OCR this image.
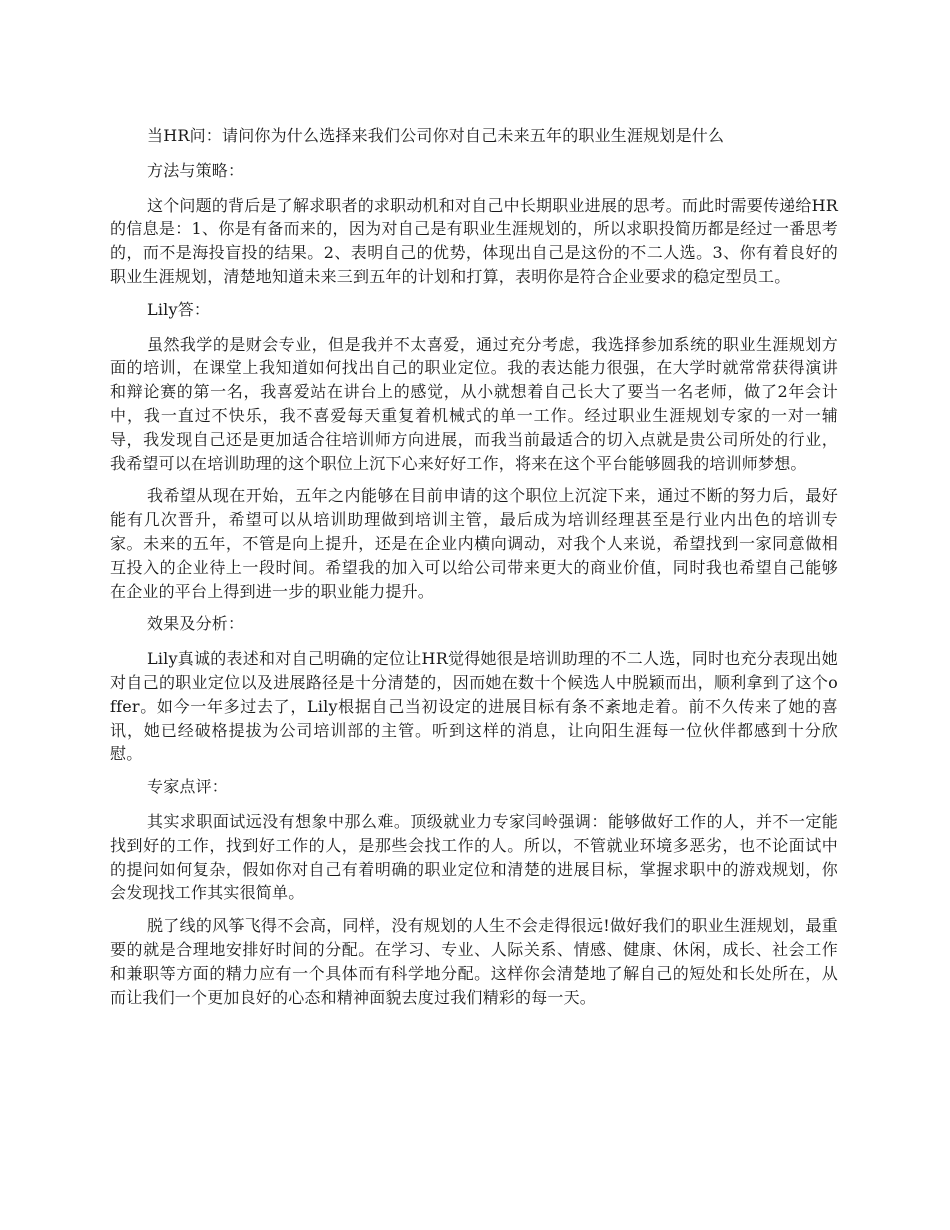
当HR问：请问你为什么选择来我们公司你对自己未来五年的职业生涯规划是什么

方法与策略：

这个问题的背后是了解求职者的求职动机和对自己中长期职业进展的思考。而此时需要传递给HR的信息是：1、你是有备而来的，因为对自己是有职业生涯规划的，所以求职投简历都是经过一番思考的，而不是海投盲投的结果。2、表明自己的优势，体现出自己是这份的不二人选。3、你有着良好的职业生涯规划，清楚地知道未来三到五年的计划和打算，表明你是符合企业要求的稳定型员工。

Lily答：

虽然我学的是财会专业，但是我并不太喜爱，通过充分考虑，我选择参加系统的职业生涯规划方面的培训，在课堂上我知道如何找出自己的职业定位。我的表达能力很强，在大学时就常常获得演讲和辩论赛的第一名，我喜爱站在讲台上的感觉，从小就想着自己长大了要当一名老师，做了2年会计中，我一直过不快乐，我不喜爱每天重复着机械式的单一工作。经过职业生涯规划专家的一对一辅导，我发现自己还是更加适合往培训师方向进展，而我当前最适合的切入点就是贵公司所处的行业，我希望可以在培训助理的这个职位上沉下心来好好工作，将来在这个平台能够圆我的培训师梦想。

我希望从现在开始，五年之内能够在目前申请的这个职位上沉淀下来，通过不断的努力后，最好能有几次晋升，希望可以从培训助理做到培训主管，最后成为培训经理甚至是行业内出色的培训专家。未来的五年，不管是向上提升，还是在企业内横向调动，对我个人来说，希望找到一家同意做相互投入的企业待上一段时间。希望我的加入可以给公司带来更大的商业价值，同时我也希望自己能够在企业的平台上得到进一步的职业能力提升。

效果及分析：

Lily真诚的表述和对自己明确的定位让HR觉得她很是培训助理的不二人选，同时也充分表现出她对自己的职业定位以及进展路径是十分清楚的，因而她在数十个候选人中脱颖而出，顺利拿到了这个offer。如今一年多过去了，Lily根据自己当初设定的进展目标有条不紊地走着。前不久传来了她的喜讯，她已经破格提拔为公司培训部的主管。听到这样的消息，让向阳生涯每一位伙伴都感到十分欣慰。

专家点评：

其实求职面试远没有想象中那么难。顶级就业力专家闫岭强调：能够做好工作的人，并不一定能找到好的工作，找到好工作的人，是那些会找工作的人。所以，不管就业环境多恶劣，也不论面试中的提问如何复杂，假如你对自己有着明确的职业定位和清楚的进展目标，掌握求职中的游戏规划，你会发现找工作其实很简单。

脱了线的风筝飞得不会高，同样，没有规划的人生不会走得很远!做好我们的职业生涯规划，最重要的就是合理地安排好时间的分配。在学习、专业、人际关系、情感、健康、休闲，成长、社会工作和兼职等方面的精力应有一个具体而有科学地分配。这样你会清楚地了解自己的短处和长处所在，从而让我们一个更加良好的心态和精神面貌去度过我们精彩的每一天。
